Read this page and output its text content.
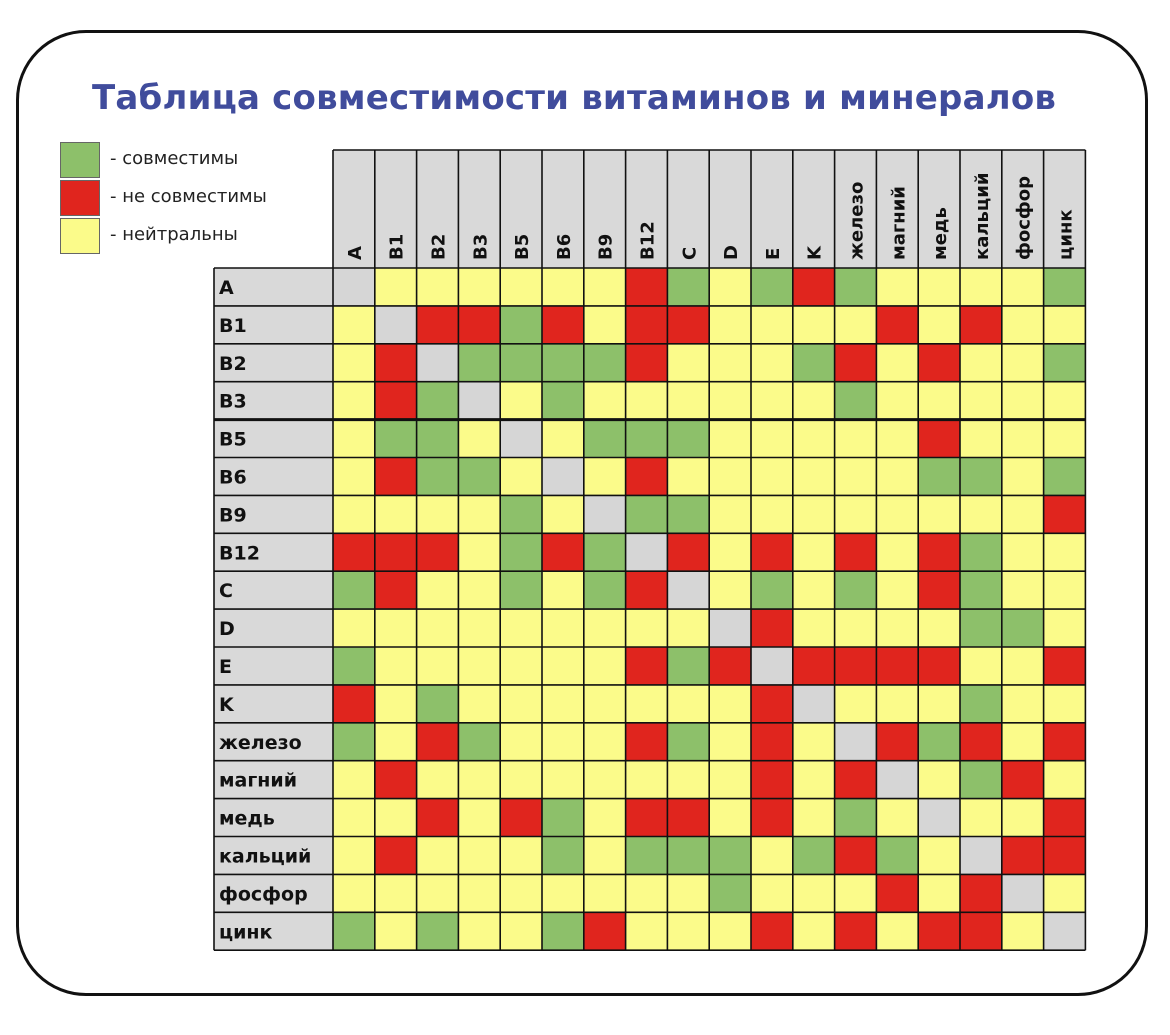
Таблица совместимости витаминов и минералов
- совместимы
- не совместимы
- нейтральны
A B1 B2 B3 B5 B6 B9 B12 C D E K железо магний медь кальций фосфор цинк
A
B1
B2
B3
B5
B6
B9
B12
C
D
E
K
железо
магний
медь
кальций
фосфор
цинк
